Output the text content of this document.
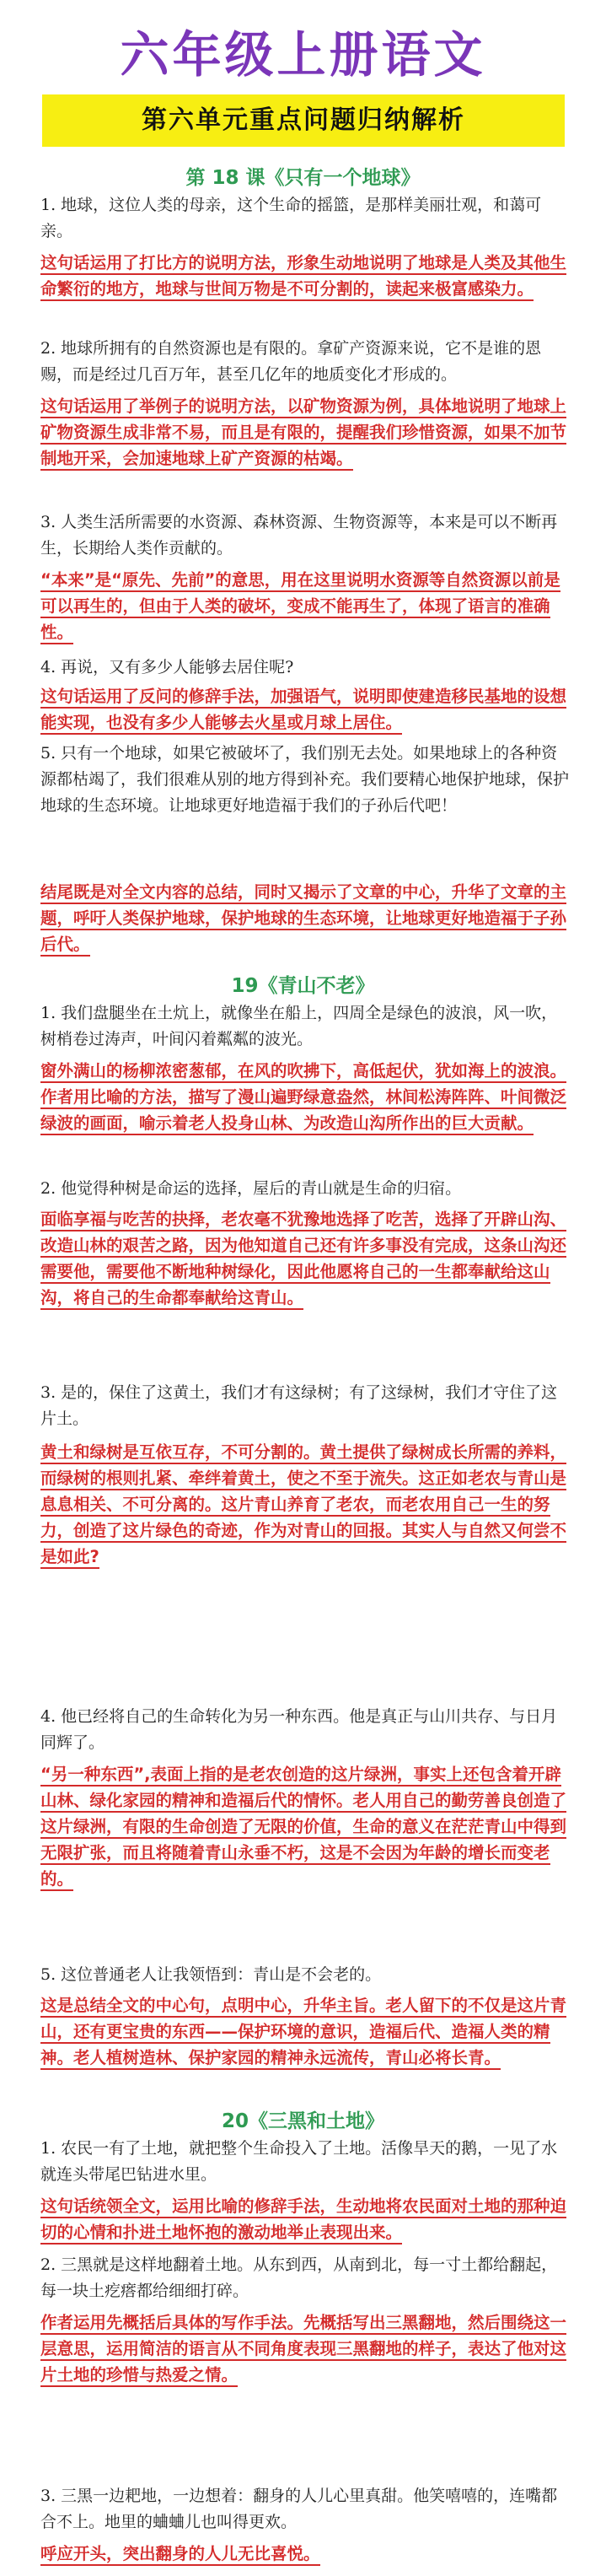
六年级上册语文
第六单元重点问题归纳解析
第 18 课《只有一个地球》
1. 地球，这位人类的母亲，这个生命的摇篮，是那样美丽壮观，和蔼可亲。
这句话运用了打比方的说明方法，形象生动地说明了地球是人类及其他生命繁衍的地方，地球与世间万物是不可分割的，读起来极富感染力。
2. 地球所拥有的自然资源也是有限的。拿矿产资源来说，它不是谁的恩赐，而是经过几百万年，甚至几亿年的地质变化才形成的。
这句话运用了举例子的说明方法，以矿物资源为例，具体地说明了地球上矿物资源生成非常不易，而且是有限的，提醒我们珍惜资源，如果不加节制地开采，会加速地球上矿产资源的枯竭。
3. 人类生活所需要的水资源、森林资源、生物资源等，本来是可以不断再生，长期给人类作贡献的。
“本来”是“原先、先前”的意思，用在这里说明水资源等自然资源以前是可以再生的，但由于人类的破坏，变成不能再生了，体现了语言的准确性。
4. 再说，又有多少人能够去居住呢?
这句话运用了反问的修辞手法，加强语气，说明即使建造移民基地的设想能实现，也没有多少人能够去火星或月球上居住。
5. 只有一个地球，如果它被破坏了，我们别无去处。如果地球上的各种资源都枯竭了，我们很难从别的地方得到补充。我们要精心地保护地球，保护地球的生态环境。让地球更好地造福于我们的子孙后代吧！
结尾既是对全文内容的总结，同时又揭示了文章的中心，升华了文章的主题，呼吁人类保护地球，保护地球的生态环境，让地球更好地造福于子孙后代。
19《青山不老》
1. 我们盘腿坐在土炕上，就像坐在船上，四周全是绿色的波浪，风一吹，树梢卷过涛声，叶间闪着粼粼的波光。
窗外满山的杨柳浓密葱郁，在风的吹拂下，高低起伏，犹如海上的波浪。作者用比喻的方法，描写了漫山遍野绿意盎然，林间松涛阵阵、叶间微泛绿波的画面，喻示着老人投身山林、为改造山沟所作出的巨大贡献。
2. 他觉得种树是命运的选择，屋后的青山就是生命的归宿。
面临享福与吃苦的抉择，老农毫不犹豫地选择了吃苦，选择了开辟山沟、改造山林的艰苦之路，因为他知道自己还有许多事没有完成，这条山沟还需要他，需要他不断地种树绿化，因此他愿将自己的一生都奉献给这山沟，将自己的生命都奉献给这青山。
3. 是的，保住了这黄土，我们才有这绿树；有了这绿树，我们才守住了这片土。
黄土和绿树是互依互存，不可分割的。黄土提供了绿树成长所需的养料，而绿树的根则扎紧、牵绊着黄土，使之不至于流失。这正如老农与青山是息息相关、不可分离的。这片青山养育了老农，而老农用自己一生的努力，创造了这片绿色的奇迹，作为对青山的回报。其实人与自然又何尝不是如此?
4. 他已经将自己的生命转化为另一种东西。他是真正与山川共存、与日月同辉了。
“另一种东西”,表面上指的是老农创造的这片绿洲，事实上还包含着开辟山林、绿化家园的精神和造福后代的情怀。老人用自己的勤劳善良创造了这片绿洲，有限的生命创造了无限的价值，生命的意义在茫茫青山中得到无限扩张，而且将随着青山永垂不朽，这是不会因为年龄的增长而变老的。
5. 这位普通老人让我领悟到：青山是不会老的。
这是总结全文的中心句，点明中心，升华主旨。老人留下的不仅是这片青山，还有更宝贵的东西——保护环境的意识，造福后代、造福人类的精神。老人植树造林、保护家园的精神永远流传，青山必将长青。
20《三黑和土地》
1. 农民一有了土地，就把整个生命投入了土地。活像旱天的鹅，一见了水就连头带尾巴钻进水里。
这句话统领全文，运用比喻的修辞手法，生动地将农民面对土地的那种迫切的心情和扑进土地怀抱的激动地举止表现出来。
2. 三黑就是这样地翻着土地。从东到西，从南到北，每一寸土都给翻起，每一块土疙瘩都给细细打碎。
作者运用先概括后具体的写作手法。先概括写出三黑翻地，然后围绕这一层意思，运用简洁的语言从不同角度表现三黑翻地的样子，表达了他对这片土地的珍惜与热爱之情。
3. 三黑一边耙地，一边想着：翻身的人儿心里真甜。他笑嘻嘻的，连嘴都合不上。地里的蛐蛐儿也叫得更欢。
呼应开头，突出翻身的人儿无比喜悦。
